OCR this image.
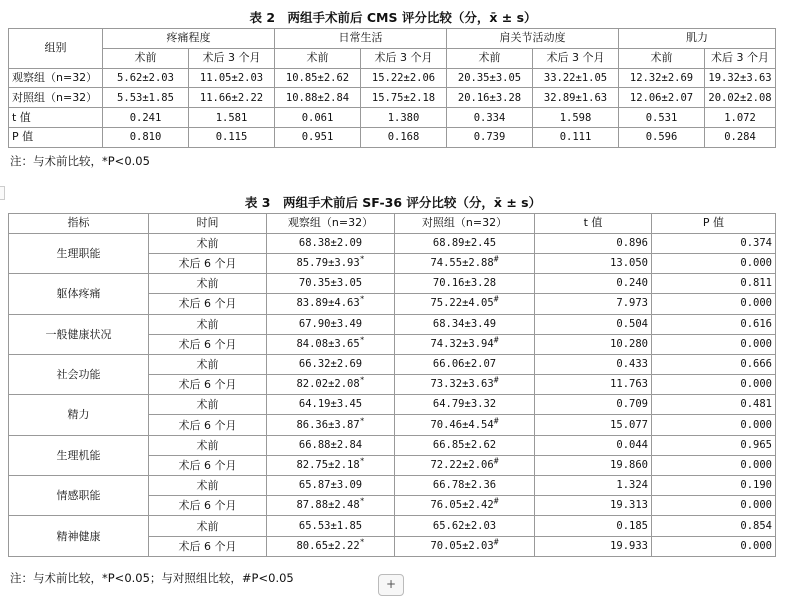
表 2　两组手术前后 CMS 评分比较（分，x̄ ± s）
组别	疼痛程度		日常生活		肩关节活动度		肌力	
	术前	术后 3 个月	术前	术后 3 个月	术前	术后 3 个月	术前	术后 3 个月
观察组（n=32）	5.62±2.03	11.05±2.03	10.85±2.62	15.22±2.06	20.35±3.05	33.22±1.05	12.32±2.69	19.32±3.63
对照组（n=32）	5.53±1.85	11.66±2.22	10.88±2.84	15.75±2.18	20.16±3.28	32.89±1.63	12.06±2.07	20.02±2.08
t 值	0.241	1.581	0.061	1.380	0.334	1.598	0.531	1.072
P 值	0.810	0.115	0.951	0.168	0.739	0.111	0.596	0.284
注：与术前比较，*P<0.05
表 3　两组手术前后 SF-36 评分比较（分，x̄ ± s）
指标	时间	观察组（n=32）	对照组（n=32）	t 值	P 值
生理职能	术前	68.38±2.09	68.89±2.45	0.896	0.374
	术后 6 个月	85.79±3.93*	74.55±2.88#	13.050	0.000
躯体疼痛	术前	70.35±3.05	70.16±3.28	0.240	0.811
	术后 6 个月	83.89±4.63*	75.22±4.05#	7.973	0.000
一般健康状况	术前	67.90±3.49	68.34±3.49	0.504	0.616
	术后 6 个月	84.08±3.65*	74.32±3.94#	10.280	0.000
社会功能	术前	66.32±2.69	66.06±2.07	0.433	0.666
	术后 6 个月	82.02±2.08*	73.32±3.63#	11.763	0.000
精力	术前	64.19±3.45	64.79±3.32	0.709	0.481
	术后 6 个月	86.36±3.87*	70.46±4.54#	15.077	0.000
生理机能	术前	66.88±2.84	66.85±2.62	0.044	0.965
	术后 6 个月	82.75±2.18*	72.22±2.06#	19.860	0.000
情感职能	术前	65.87±3.09	66.78±2.36	1.324	0.190
	术后 6 个月	87.88±2.48*	76.05±2.42#	19.313	0.000
精神健康	术前	65.53±1.85	65.62±2.03	0.185	0.854
	术后 6 个月	80.65±2.22*	70.05±2.03#	19.933	0.000
注：与术前比较，*P<0.05；与对照组比较，#P<0.05	+
